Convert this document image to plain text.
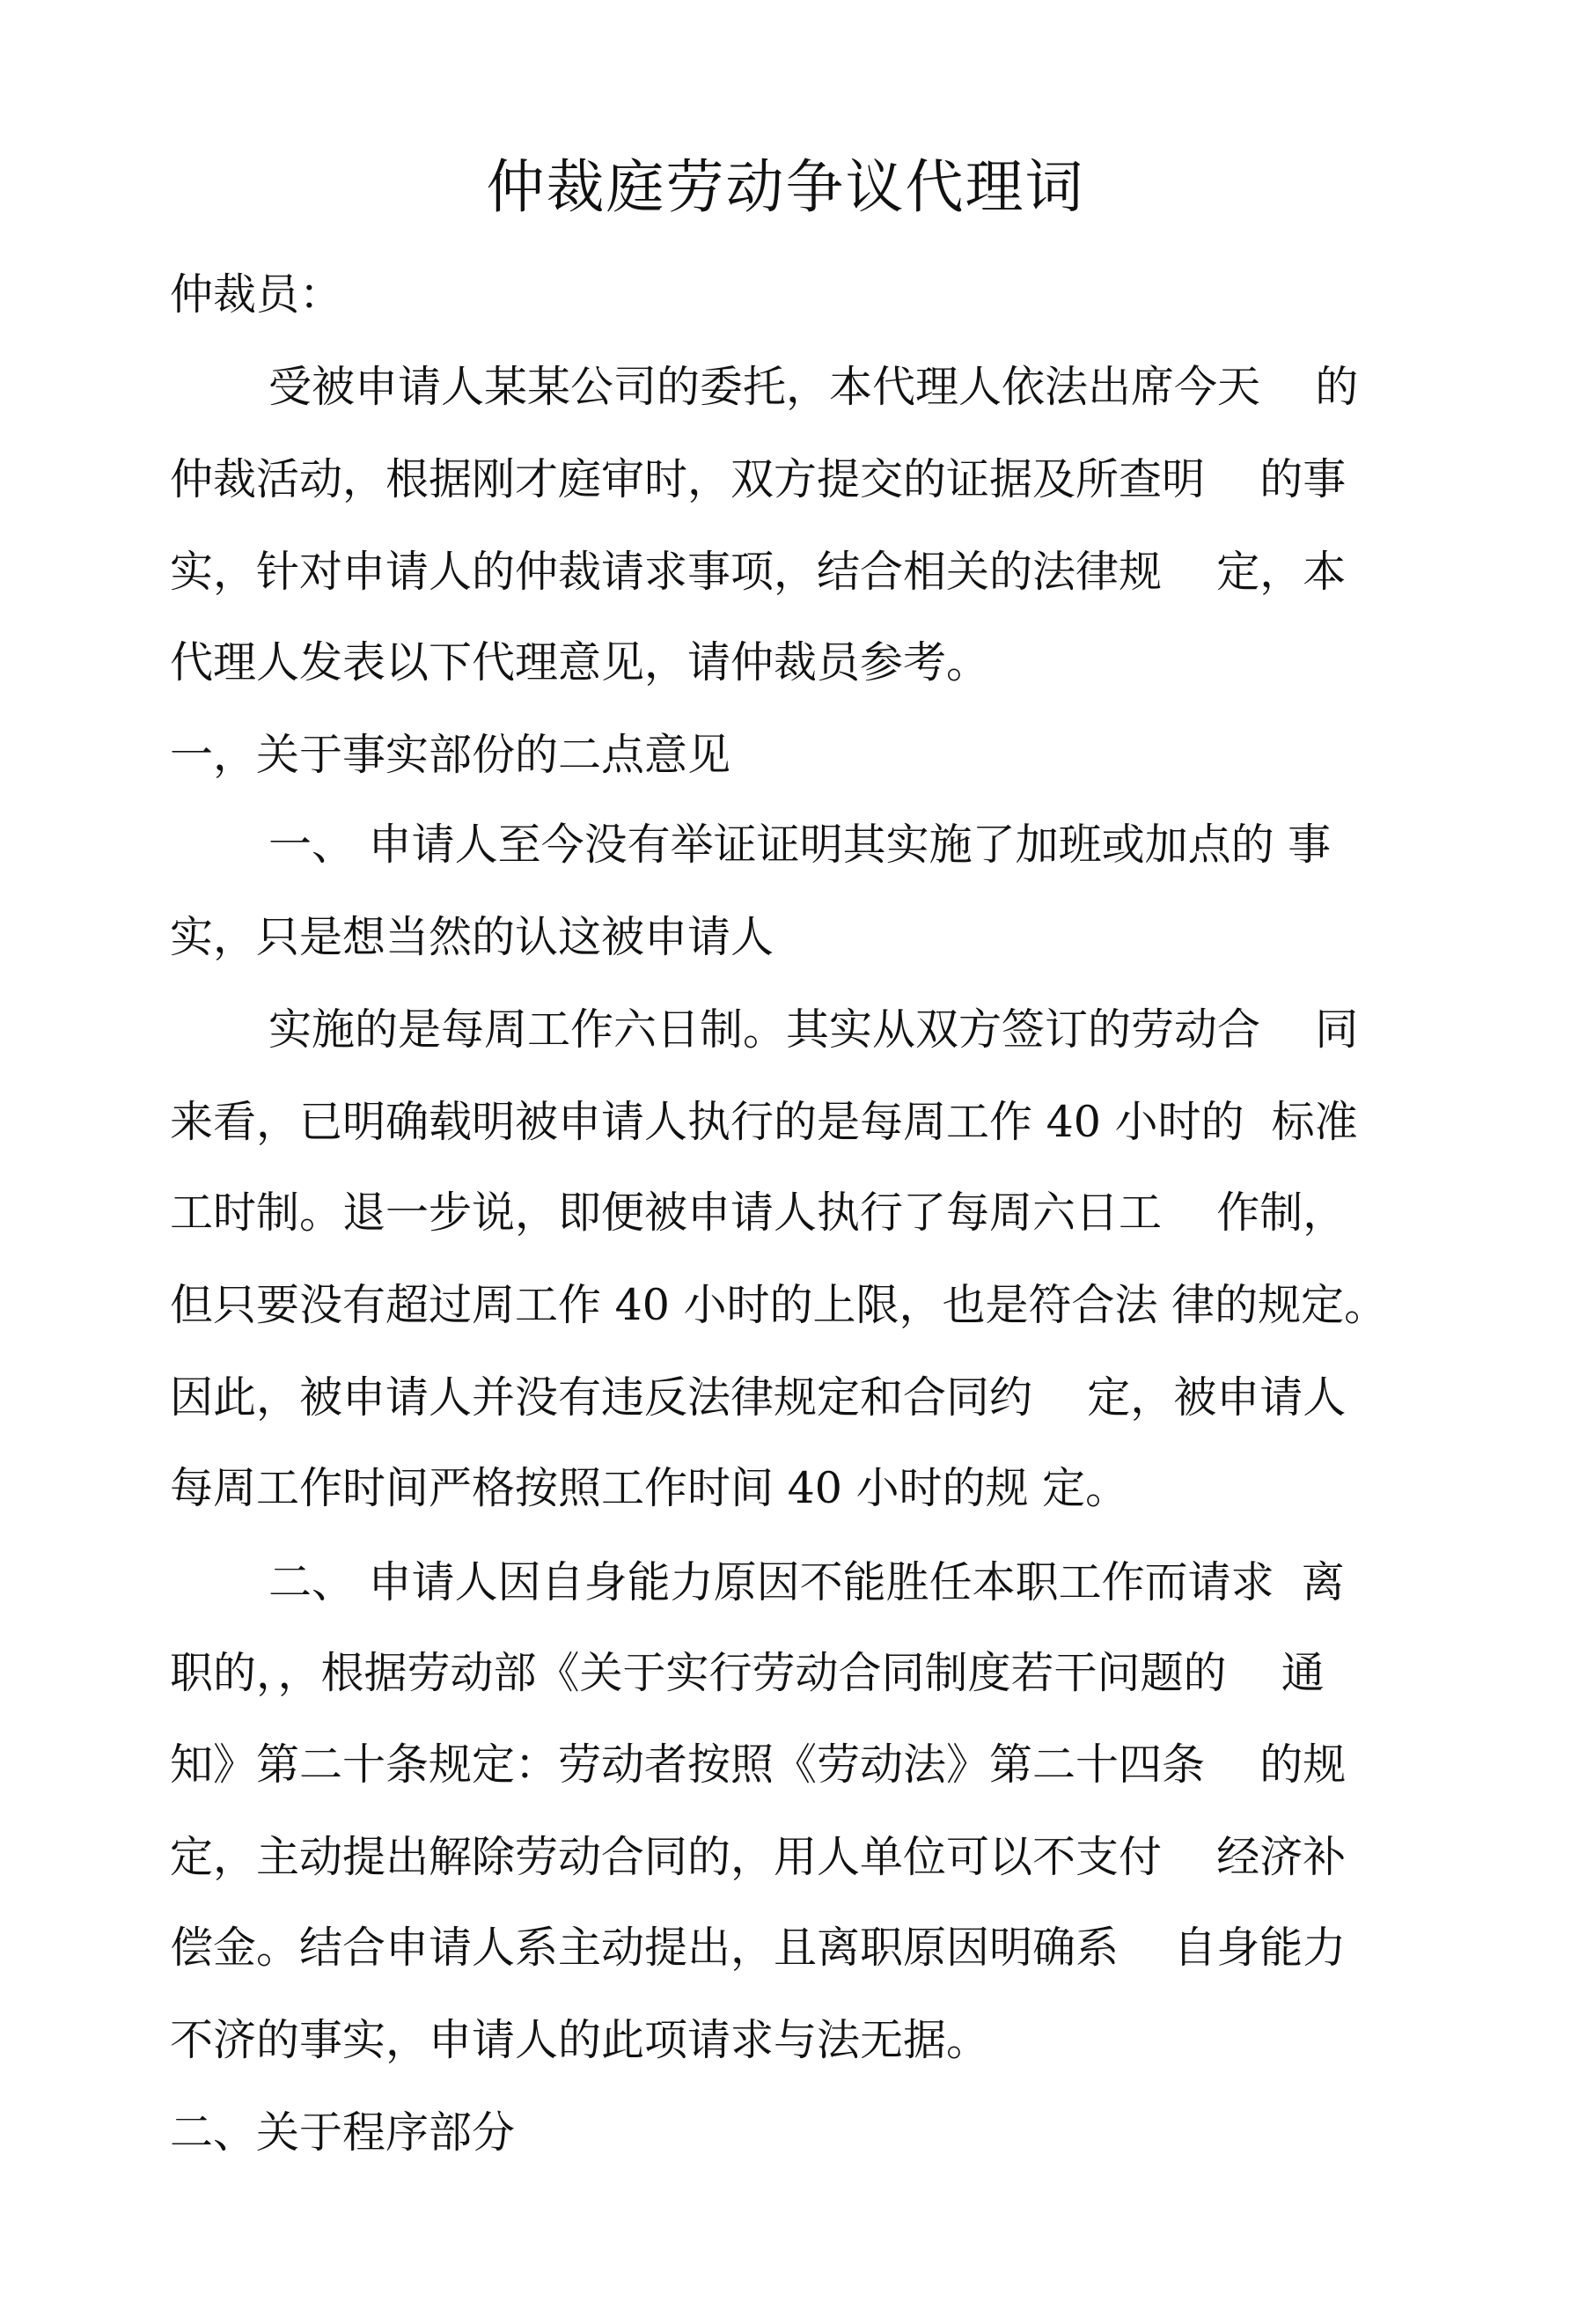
仲裁庭劳动争议代理词
仲裁员：
受被申请人某某公司的委托，本代理人依法出席今天    的
仲裁活动，根据刚才庭审时，双方提交的证据及所查明    的事
实，针对申请人的仲裁请求事项，结合相关的法律规    定，本
代理人发表以下代理意见，请仲裁员参考。
一，关于事实部份的二点意见
一、 申请人至今没有举证证明其实施了加班或加点的 事
实，只是想当然的认这被申请人
实施的是每周工作六日制。其实从双方签订的劳动合    同
来看，已明确载明被申请人执行的是每周工作 40 小时的  标准
工时制。退一步说，即便被申请人执行了每周六日工    作制，
但只要没有超过周工作 40 小时的上限，也是符合法 律的规定。
因此，被申请人并没有违反法律规定和合同约    定，被申请人
每周工作时间严格按照工作时间 40 小时的规 定。
二、 申请人因自身能力原因不能胜任本职工作而请求  离
职的，，根据劳动部《关于实行劳动合同制度若干问题的    通
知》第二十条规定：劳动者按照《劳动法》第二十四条    的规
定，主动提出解除劳动合同的，用人单位可以不支付    经济补
偿金。结合申请人系主动提出，且离职原因明确系    自身能力
不济的事实，申请人的此项请求与法无据。
二、关于程序部分
